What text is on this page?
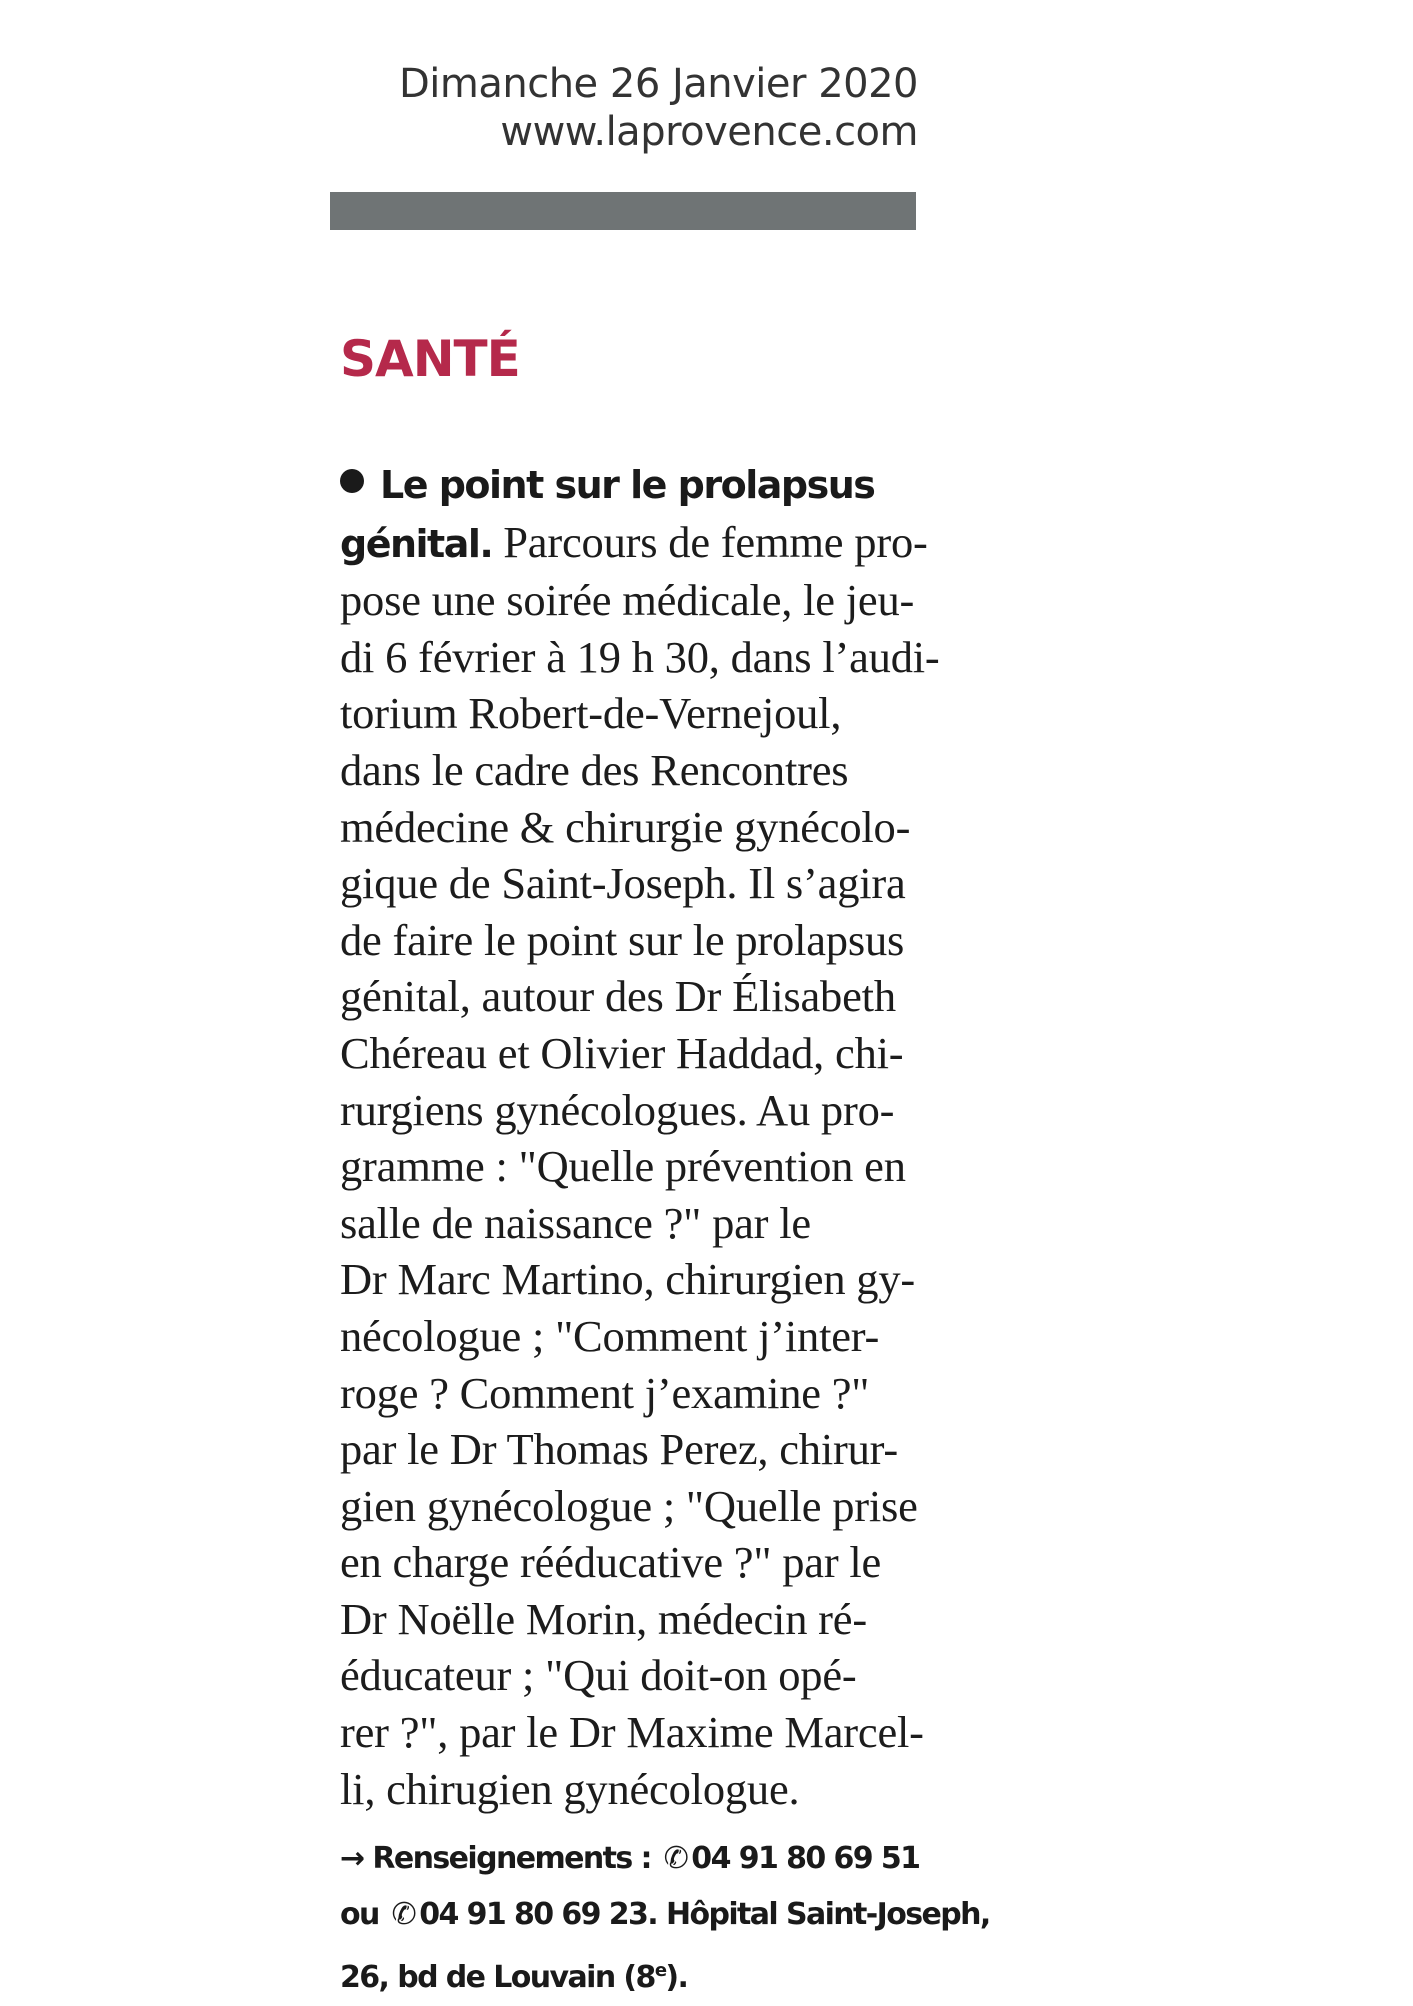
Dimanche 26 Janvier 2020
www.laprovence.com
SANTÉ
Le point sur le prolapsus
génital. Parcours de femme pro-
pose une soirée médicale, le jeu-
di 6 février à 19 h 30, dans l’audi-
torium Robert-de-Vernejoul,
dans le cadre des Rencontres
médecine & chirurgie gynécolo-
gique de Saint-Joseph. Il s’agira
de faire le point sur le prolapsus
génital, autour des Dr Élisabeth
Chéreau et Olivier Haddad, chi-
rurgiens gynécologues. Au pro-
gramme : "Quelle prévention en
salle de naissance ?" par le
Dr Marc Martino, chirurgien gy-
nécologue ; "Comment j’inter-
roge ? Comment j’examine ?"
par le Dr Thomas Perez, chirur-
gien gynécologue ; "Quelle prise
en charge rééducative ?" par le
Dr Noëlle Morin, médecin ré-
éducateur ; "Qui doit-on opé-
rer ?", par le Dr Maxime Marcel-
li, chirugien gynécologue.
→ Renseignements : ✆ 04 91 80 69 51
ou ✆ 04 91 80 69 23. Hôpital Saint-Joseph,
26, bd de Louvain (8e).
